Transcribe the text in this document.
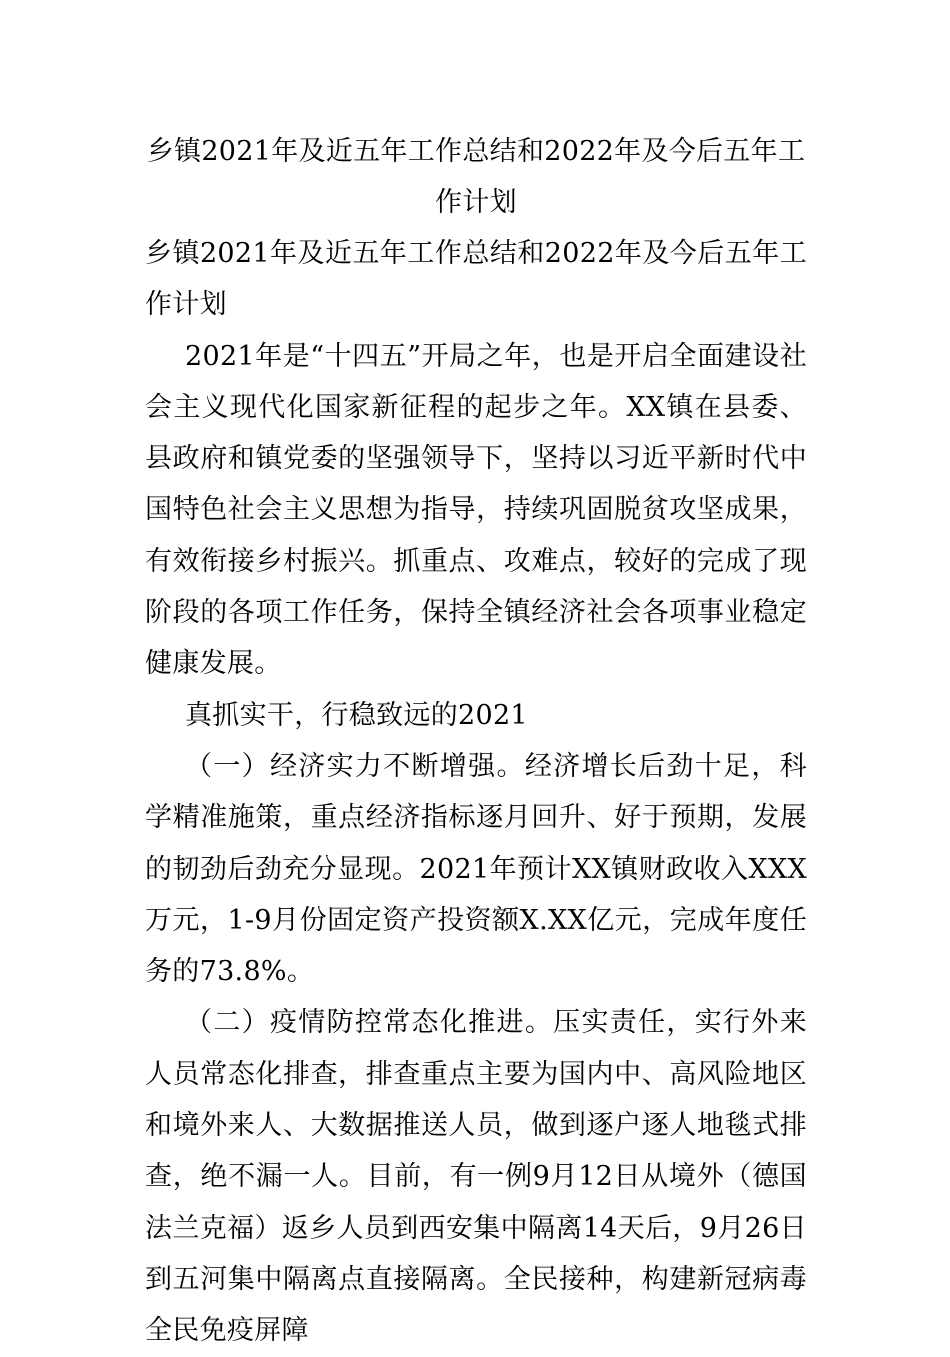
乡镇2021年及近五年工作总结和2022年及今后五年工作计划

乡镇2021年及近五年工作总结和2022年及今后五年工作计划

2021年是“十四五”开局之年，也是开启全面建设社会主义现代化国家新征程的起步之年。XX镇在县委、县政府和镇党委的坚强领导下，坚持以习近平新时代中国特色社会主义思想为指导，持续巩固脱贫攻坚成果，有效衔接乡村振兴。抓重点、攻难点，较好的完成了现阶段的各项工作任务，保持全镇经济社会各项事业稳定健康发展。

真抓实干，行稳致远的2021

（一）经济实力不断增强。经济增长后劲十足，科学精准施策，重点经济指标逐月回升、好于预期，发展的韧劲后劲充分显现。2021年预计XX镇财政收入XXX万元，1-9月份固定资产投资额X.XX亿元，完成年度任务的73.8%。

（二）疫情防控常态化推进。压实责任，实行外来人员常态化排查，排查重点主要为国内中、高风险地区和境外来人、大数据推送人员，做到逐户逐人地毯式排查，绝不漏一人。目前，有一例9月12日从境外（德国法兰克福）返乡人员到西安集中隔离14天后，9月26日到五河集中隔离点直接隔离。全民接种，构建新冠病毒全民免疫屏障
